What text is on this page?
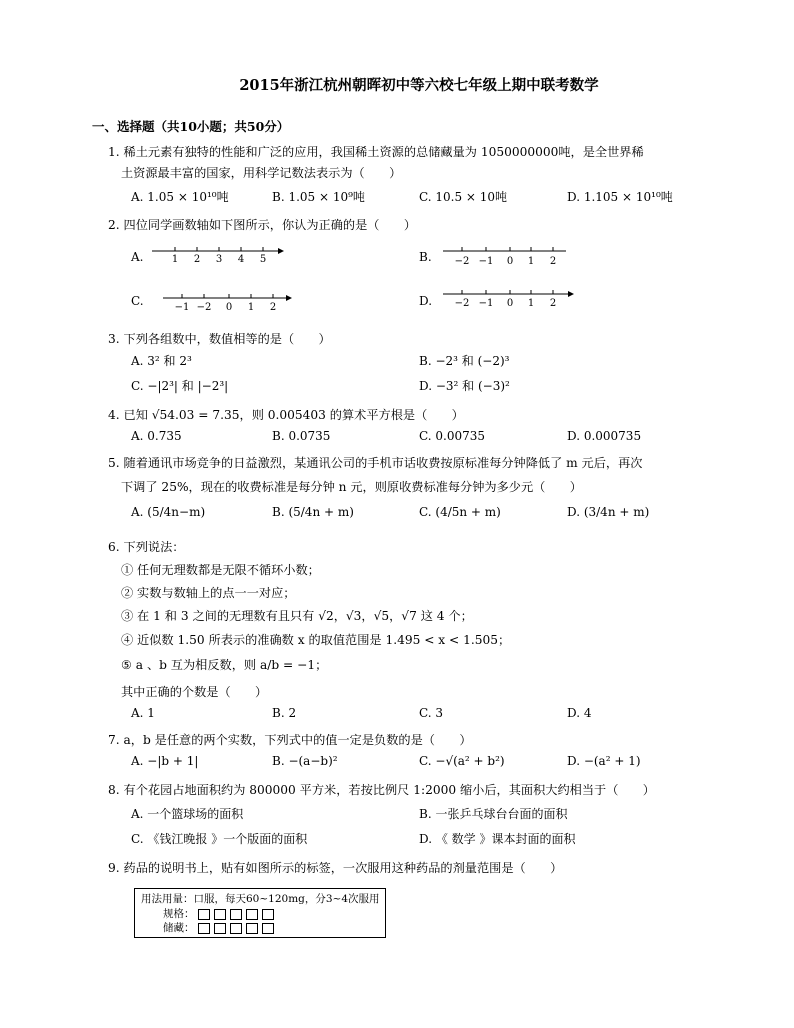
2015年浙江杭州朝晖初中等六校七年级上期中联考数学
一、选择题（共10小题；共50分）
1. 稀土元素有独特的性能和广泛的应用，我国稀土资源的总储藏量为 1050000000吨，是全世界稀
土资源最丰富的国家，用科学记数法表示为（　　）
A. 1.05 × 10¹⁰吨	B. 1.05 × 10⁹吨	C. 10.5 × 10吨	D. 1.105 × 10¹⁰吨
2. 四位同学画数轴如下图所示，你认为正确的是（　　）
A.	B.
C.	D.
1 2 3 4 5	−2 −1 0 1 2
−1 −2 0 1 2	−2 −1 0 1 2
3. 下列各组数中，数值相等的是（　　）
A. 3² 和 2³	B. −2³ 和 (−2)³
C. −|2³| 和 |−2³|	D. −3² 和 (−3)²
4. 已知 √54.03 = 7.35，则 0.005403 的算术平方根是（　　）
A. 0.735	B. 0.0735	C. 0.00735	D. 0.000735
5. 随着通讯市场竞争的日益激烈，某通讯公司的手机市话收费按原标准每分钟降低了 m 元后，再次
下调了 25%，现在的收费标准是每分钟 n 元，则原收费标准每分钟为多少元（　　）
A. (5/4n−m)	B. (5/4n + m)	C. (4/5n + m)	D. (3/4n + m)
6. 下列说法：
① 任何无理数都是无限不循环小数；
② 实数与数轴上的点一一对应；
③ 在 1 和 3 之间的无理数有且只有 √2，√3，√5，√7 这 4 个；
④ 近似数 1.50 所表示的准确数 x 的取值范围是 1.495 < x < 1.505；
⑤ a 、b 互为相反数，则 a/b = −1；
其中正确的个数是（　　）
A. 1	B. 2	C. 3	D. 4
7. a，b 是任意的两个实数，下列式中的值一定是负数的是（　　）
A. −|b + 1|	B. −(a−b)²	C. −√(a² + b²)	D. −(a² + 1)
8. 有个花园占地面积约为 800000 平方米，若按比例尺 1:2000 缩小后，其面积大约相当于（　　）
A. 一个篮球场的面积	B. 一张乒乓球台台面的面积
C. 《钱江晚报 》一个版面的面积	D. 《 数学 》课本封面的面积
9. 药品的说明书上，贴有如图所示的标签，一次服用这种药品的剂量范围是（　　）
用法用量：口服，每天60~120mg，分3~4次服用
规格：
储藏：
